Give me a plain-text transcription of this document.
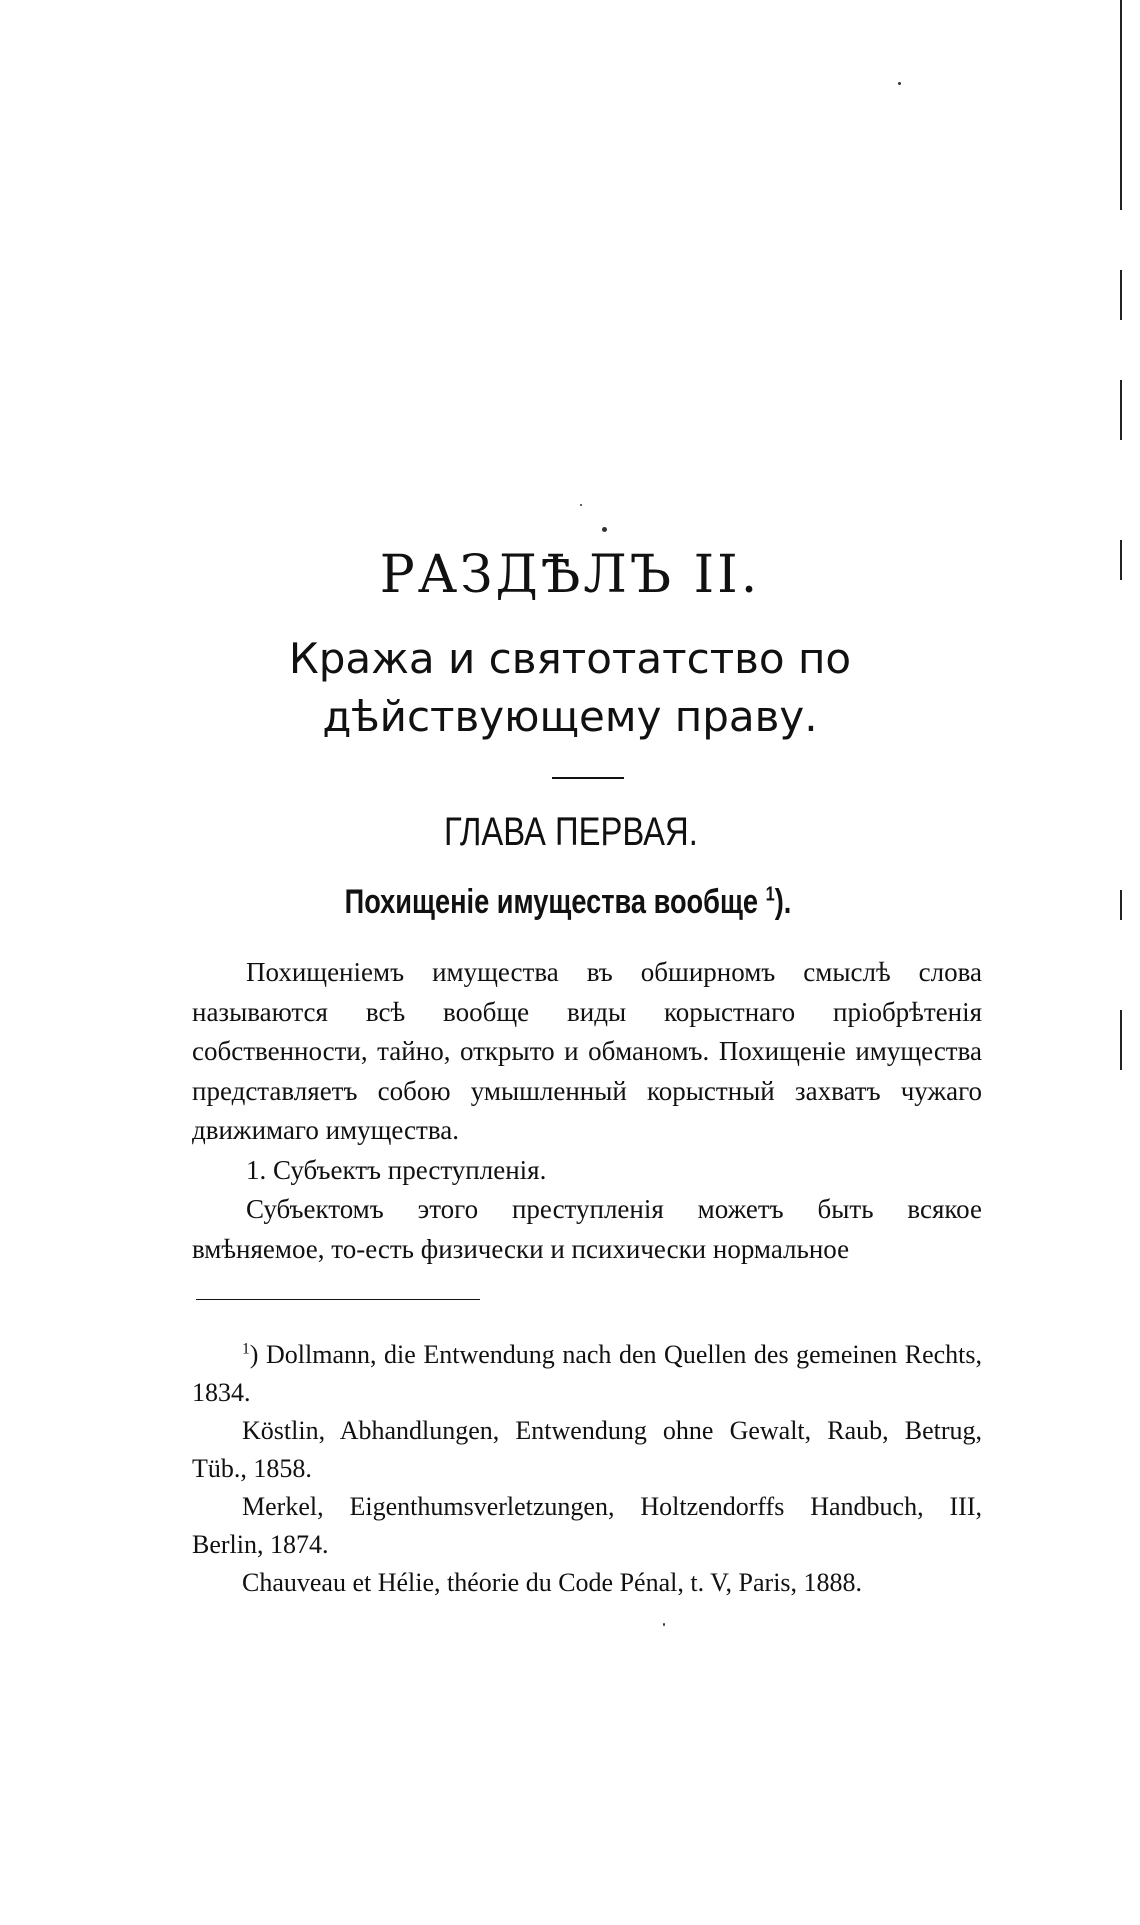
РАЗДѢЛЪ II.
Кража и святотатство по
дѣйствующему праву.
ГЛАВА ПЕРВАЯ.
Похищеніе имущества вообще $^1$).

Похищеніемъ имущества въ обширномъ смыслѣ слова называются всѣ вообще виды корыстнаго пріобрѣтенія собственности, тайно, открыто и обманомъ. Похищеніе имущества представляетъ собою умышленный корыстный захватъ чужаго движимаго имущества.

1. Субъектъ преступленія.

Субъектомъ этого преступленія можетъ быть всякое вмѣняемое, то-есть физически и психически нормальное

$^1$) Dollmann, die Entwendung nach den Quellen des gemeinen Rechts, 1834.

Köstlin, Abhandlungen, Entwendung ohne Gewalt, Raub, Betrug, Tüb., 1858.

Merkel, Eigenthumsverletzungen, Holtzendorffs Handbuch, III, Berlin, 1874.

Chauveau et Hélie, théorie du Code Pénal, t. V, Paris, 1888.
